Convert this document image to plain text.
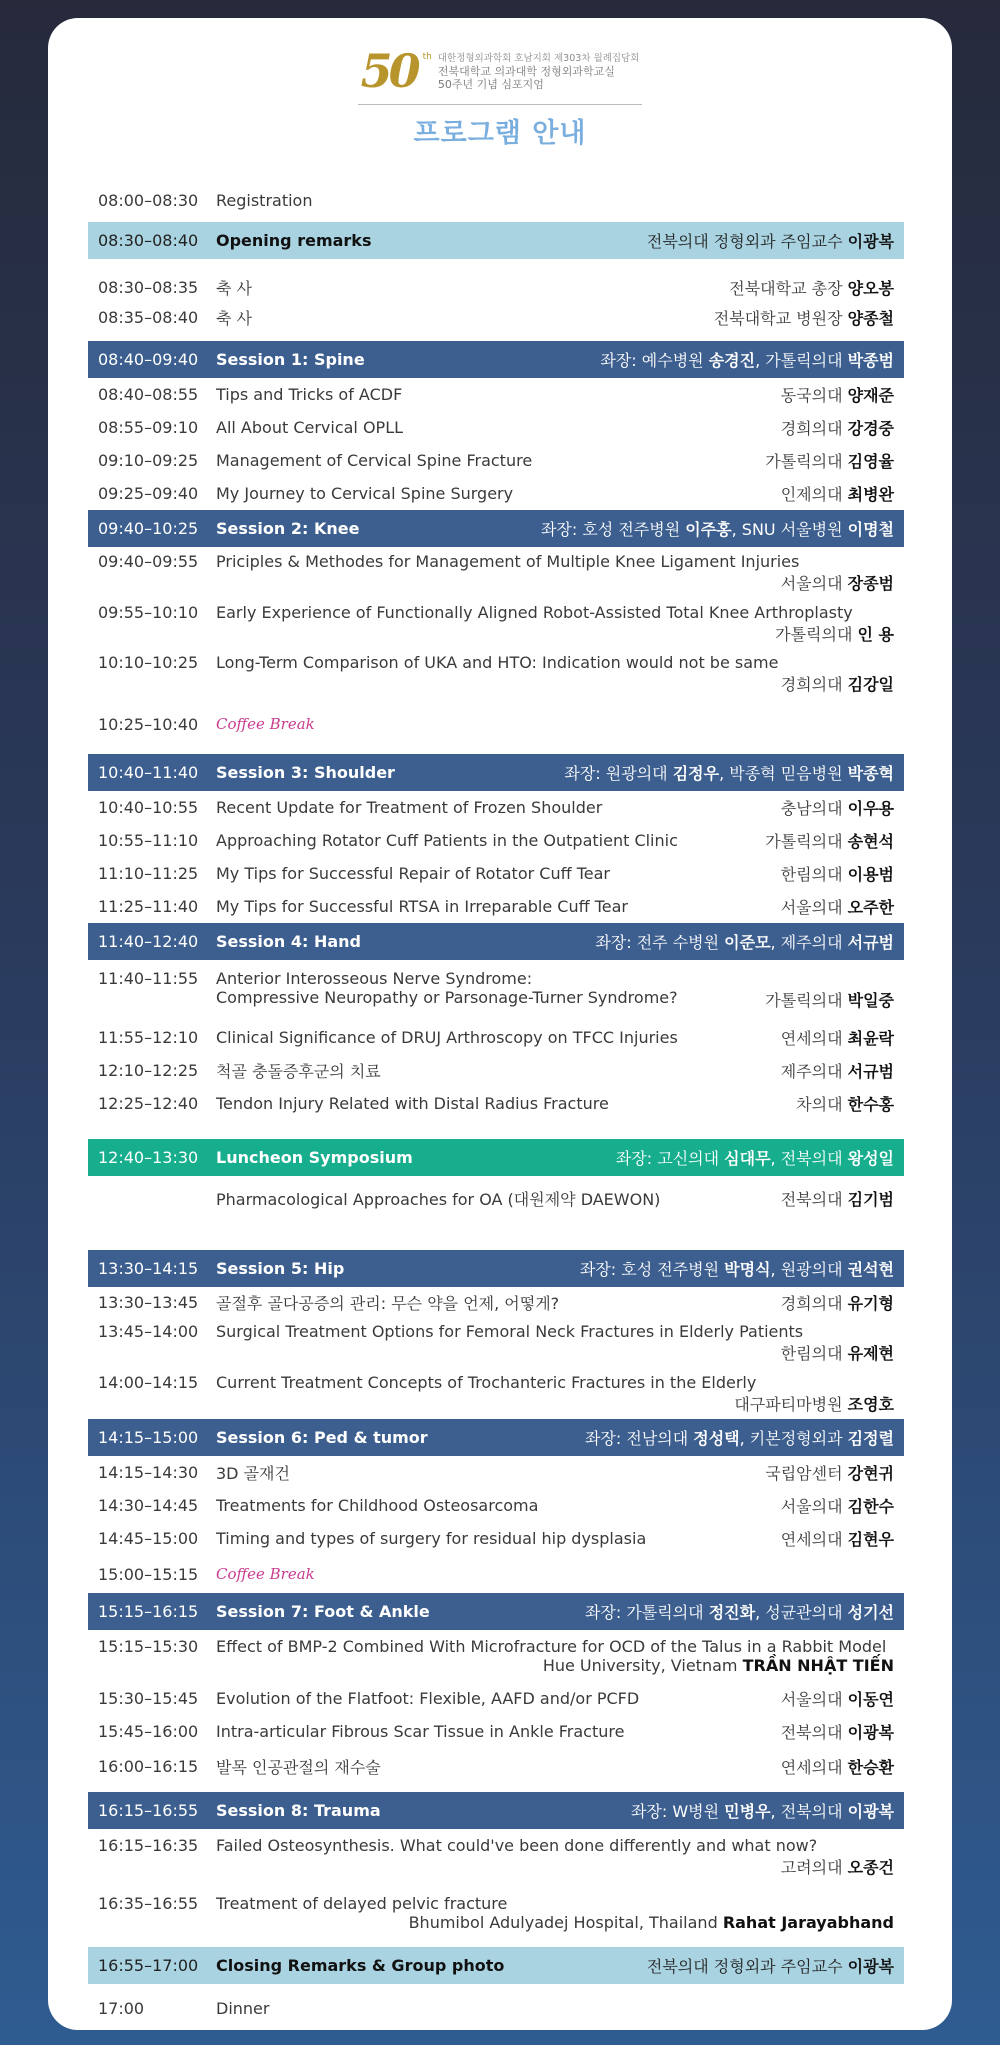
50 th 대한정형외과학회 호남지회 제303차 월례집담회
전북대학교 의과대학 정형외과학교실
50주년 기념 심포지엄
프로그램 안내
08:00–08:30	Registration
08:30–08:40	Opening remarks	전북의대 정형외과 주임교수 이광복
08:30–08:35	축 사	전북대학교 총장 양오봉
08:35–08:40	축 사	전북대학교 병원장 양종철
08:40–09:40	Session 1: Spine	좌장: 예수병원 송경진, 가톨릭의대 박종범
08:40–08:55	Tips and Tricks of ACDF	동국의대 양재준
08:55–09:10	All About Cervical OPLL	경희의대 강경중
09:10–09:25	Management of Cervical Spine Fracture	가톨릭의대 김영율
09:25–09:40	My Journey to Cervical Spine Surgery	인제의대 최병완
09:40–10:25	Session 2: Knee	좌장: 호성 전주병원 이주홍, SNU 서울병원 이명철
09:40–09:55	Priciples & Methodes for Management of Multiple Knee Ligament Injuries
서울의대 장종범
09:55–10:10	Early Experience of Functionally Aligned Robot-Assisted Total Knee Arthroplasty
가톨릭의대 인 용
10:10–10:25	Long-Term Comparison of UKA and HTO: Indication would not be same
경희의대 김강일
10:25–10:40	Coffee Break
10:40–11:40	Session 3: Shoulder	좌장: 원광의대 김정우, 박종혁 믿음병원 박종혁
10:40–10:55	Recent Update for Treatment of Frozen Shoulder	충남의대 이우용
10:55–11:10	Approaching Rotator Cuff Patients in the Outpatient Clinic	가톨릭의대 송현석
11:10–11:25	My Tips for Successful Repair of Rotator Cuff Tear	한림의대 이용범
11:25–11:40	My Tips for Successful RTSA in Irreparable Cuff Tear	서울의대 오주한
11:40–12:40	Session 4: Hand	좌장: 전주 수병원 이준모, 제주의대 서규범
11:40–11:55	Anterior Interosseous Nerve Syndrome:
Compressive Neuropathy or Parsonage-Turner Syndrome?	가톨릭의대 박일중
11:55–12:10	Clinical Significance of DRUJ Arthroscopy on TFCC Injuries	연세의대 최윤락
12:10–12:25	척골 충돌증후군의 치료	제주의대 서규범
12:25–12:40	Tendon Injury Related with Distal Radius Fracture	차의대 한수홍
12:40–13:30	Luncheon Symposium	좌장: 고신의대 심대무, 전북의대 왕성일
Pharmacological Approaches for OA (대원제약 DAEWON)	전북의대 김기범
13:30–14:15	Session 5: Hip	좌장: 호성 전주병원 박명식, 원광의대 권석현
13:30–13:45	골절후 골다공증의 관리: 무슨 약을 언제, 어떻게?	경희의대 유기형
13:45–14:00	Surgical Treatment Options for Femoral Neck Fractures in Elderly Patients
한림의대 유제현
14:00–14:15	Current Treatment Concepts of Trochanteric Fractures in the Elderly
대구파티마병원 조영호
14:15–15:00	Session 6: Ped & tumor	좌장: 전남의대 정성택, 키본정형외과 김정렬
14:15–14:30	3D 골재건	국립암센터 강현귀
14:30–14:45	Treatments for Childhood Osteosarcoma	서울의대 김한수
14:45–15:00	Timing and types of surgery for residual hip dysplasia	연세의대 김현우
15:00–15:15	Coffee Break
15:15–16:15	Session 7: Foot & Ankle	좌장: 가톨릭의대 정진화, 성균관의대 성기선
15:15–15:30	Effect of BMP-2 Combined With Microfracture for OCD of the Talus in a Rabbit Model
Hue University, Vietnam TRẦN NHẬT TIẾN
15:30–15:45	Evolution of the Flatfoot: Flexible, AAFD and/or PCFD	서울의대 이동연
15:45–16:00	Intra-articular Fibrous Scar Tissue in Ankle Fracture	전북의대 이광복
16:00–16:15	발목 인공관절의 재수술	연세의대 한승환
16:15–16:55	Session 8: Trauma	좌장: W병원 민병우, 전북의대 이광복
16:15–16:35	Failed Osteosynthesis. What could've been done differently and what now?
고려의대 오종건
16:35–16:55	Treatment of delayed pelvic fracture
Bhumibol Adulyadej Hospital, Thailand Rahat Jarayabhand
16:55–17:00	Closing Remarks & Group photo	전북의대 정형외과 주임교수 이광복
17:00	Dinner
